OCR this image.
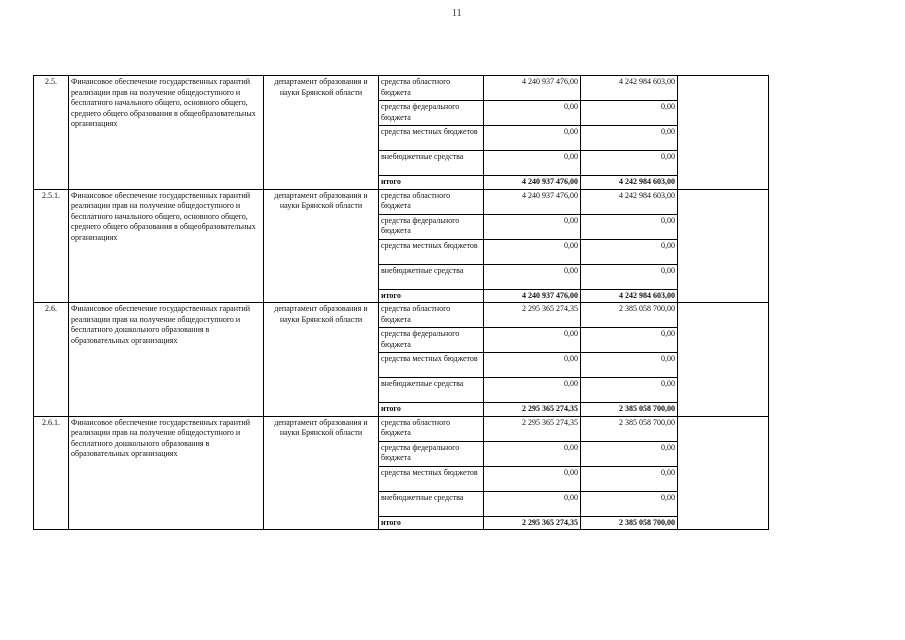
11
2.5.	Финансовое обеспечение государственных гарантий реализации прав на получение общедоступного и бесплатного начального общего, основного общего, среднего общего образования в общеобразовательных организациях	департамент образования и науки Брянской области	средства областного бюджета	4 240 937 476,00	4 242 984 603,00	
			средства федерального бюджета	0,00	0,00	
			средства местных бюджетов	0,00	0,00	
			внебюджетные средства	0,00	0,00	
			итого	4 240 937 476,00	4 242 984 603,00	
2.5.1.	Финансовое обеспечение государственных гарантий реализации прав на получение общедоступного и бесплатного начального общего, основного общего, среднего общего образования в общеобразовательных организациях	департамент образования и науки Брянской области	средства областного бюджета	4 240 937 476,00	4 242 984 603,00	
			средства федерального бюджета	0,00	0,00	
			средства местных бюджетов	0,00	0,00	
			внебюджетные средства	0,00	0,00	
			итого	4 240 937 476,00	4 242 984 603,00	
2.6.	Финансовое обеспечение государственных гарантий реализации прав на получение общедоступного и бесплатного дошкольного образования в образовательных организациях	департамент образования и науки Брянской области	средства областного бюджета	2 295 365 274,35	2 385 058 700,00	
			средства федерального бюджета	0,00	0,00	
			средства местных бюджетов	0,00	0,00	
			внебюджетные средства	0,00	0,00	
			итого	2 295 365 274,35	2 385 058 700,00	
2.6.1.	Финансовое обеспечение государственных гарантий реализации прав на получение общедоступного и бесплатного дошкольного образования в образовательных организациях	департамент образования и науки Брянской области	средства областного бюджета	2 295 365 274,35	2 385 058 700,00	
			средства федерального бюджета	0,00	0,00	
			средства местных бюджетов	0,00	0,00	
			внебюджетные средства	0,00	0,00	
			итого	2 295 365 274,35	2 385 058 700,00	
